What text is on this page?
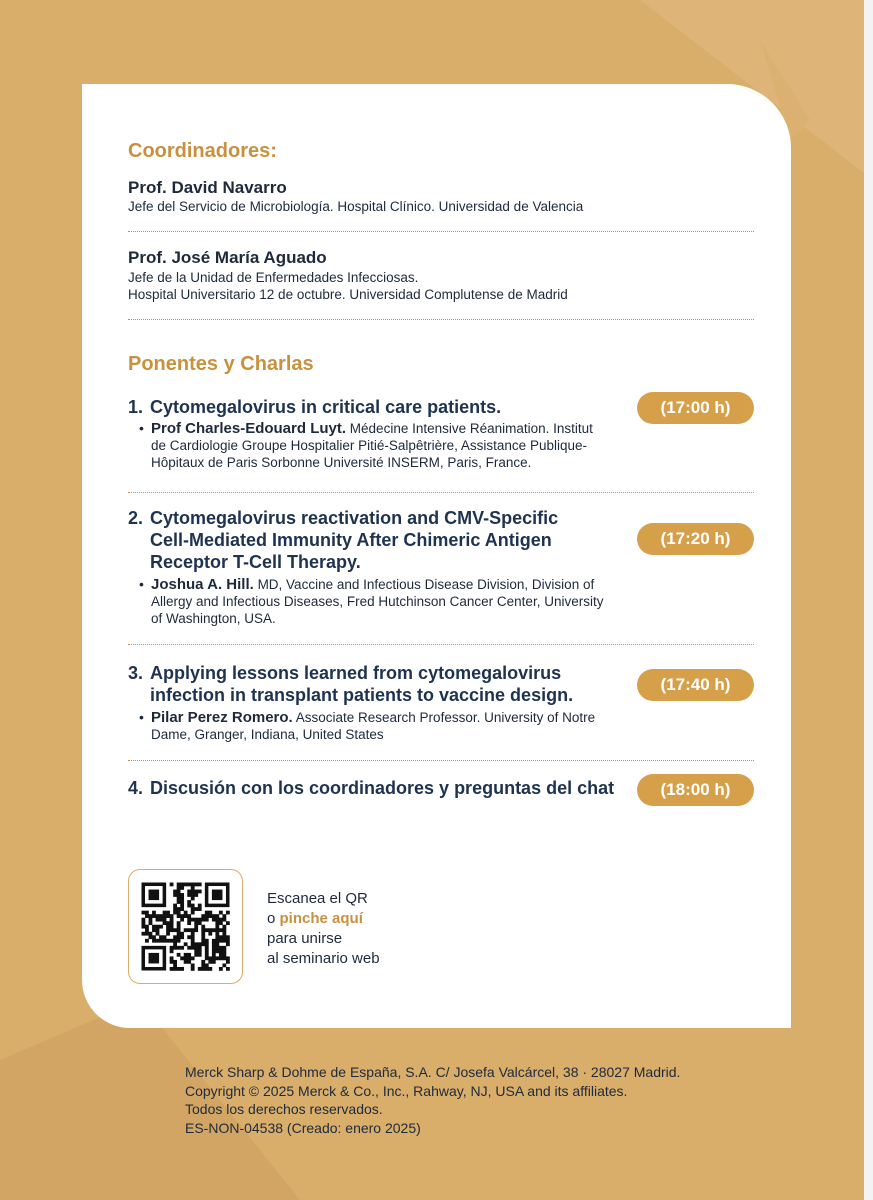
Coordinadores:
Prof. David Navarro
Jefe del Servicio de Microbiología. Hospital Clínico. Universidad de Valencia
Prof. José María Aguado
Jefe de la Unidad de Enfermedades Infecciosas.
Hospital Universitario 12 de octubre. Universidad Complutense de Madrid
Ponentes y Charlas
1. Cytomegalovirus in critical care patients.
• Prof Charles-Edouard Luyt. Médecine Intensive Réanimation. Institut
de Cardiologie Groupe Hospitalier Pitié-Salpêtrière, Assistance Publique-
Hôpitaux de Paris Sorbonne Université INSERM, Paris, France.
(17:00 h)
2. Cytomegalovirus reactivation and CMV-Specific
Cell-Mediated Immunity After Chimeric Antigen
Receptor T-Cell Therapy.
• Joshua A. Hill. MD, Vaccine and Infectious Disease Division, Division of
Allergy and Infectious Diseases, Fred Hutchinson Cancer Center, University
of Washington, USA.
(17:20 h)
3. Applying lessons learned from cytomegalovirus
infection in transplant patients to vaccine design.
• Pilar Perez Romero. Associate Research Professor. University of Notre
Dame, Granger, Indiana, United States
(17:40 h)
4. Discusión con los coordinadores y preguntas del chat	(18:00 h)
Escanea el QR
o pinche aquí
para unirse
al seminario web
Merck Sharp & Dohme de España, S.A. C/ Josefa Valcárcel, 38 · 28027 Madrid.
Copyright © 2025 Merck & Co., Inc., Rahway, NJ, USA and its affiliates.
Todos los derechos reservados.
ES-NON-04538 (Creado: enero 2025)
